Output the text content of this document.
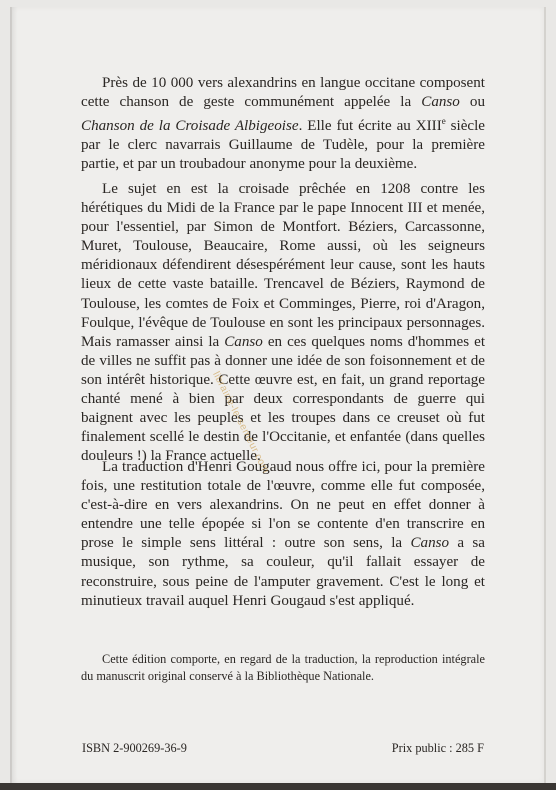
Près de 10 000 vers alexandrins en langue occitane composent cette chanson de geste communément appelée la Canso ou Chanson de la Croisade Albigeoise. Elle fut écrite au XIIIe siècle par le clerc navarrais Guillaume de Tudèle, pour la première partie, et par un troubadour anonyme pour la deuxième.

Le sujet en est la croisade prêchée en 1208 contre les hérétiques du Midi de la France par le pape Innocent III et menée, pour l'essentiel, par Simon de Montfort. Béziers, Carcassonne, Muret, Toulouse, Beaucaire, Rome aussi, où les seigneurs méridionaux défendirent désespérément leur cause, sont les hauts lieux de cette vaste bataille. Trencavel de Béziers, Raymond de Toulouse, les comtes de Foix et Comminges, Pierre, roi d'Aragon, Foulque, l'évêque de Toulouse en sont les principaux personnages. Mais ramasser ainsi la Canso en ces quelques noms d'hommes et de villes ne suffit pas à donner une idée de son foisonnement et de son intérêt historique. Cette œuvre est, en fait, un grand reportage chanté mené à bien par deux correspondants de guerre qui baignent avec les peuples et les troupes dans ce creuset où fut finalement scellé le destin de l'Occitanie, et enfantée (dans quelles douleurs !) la France actuelle.

La traduction d'Henri Gougaud nous offre ici, pour la première fois, une restitution totale de l'œuvre, comme elle fut composée, c'est-à-dire en vers alexandrins. On ne peut en effet donner à entendre une telle épopée si l'on se contente d'en transcrire en prose le simple sens littéral : outre son sens, la Canso a sa musique, son rythme, sa couleur, qu'il fallait essayer de reconstruire, sous peine de l'amputer gravement. C'est le long et minutieux travail auquel Henri Gougaud s'est appliqué.

Cette édition comporte, en regard de la traduction, la reproduction intégrale du manuscrit original conservé à la Bibliothèque Nationale.

ISBN 2-900269-36-9	Prix public : 285 F
librairie-le-semeur.com
